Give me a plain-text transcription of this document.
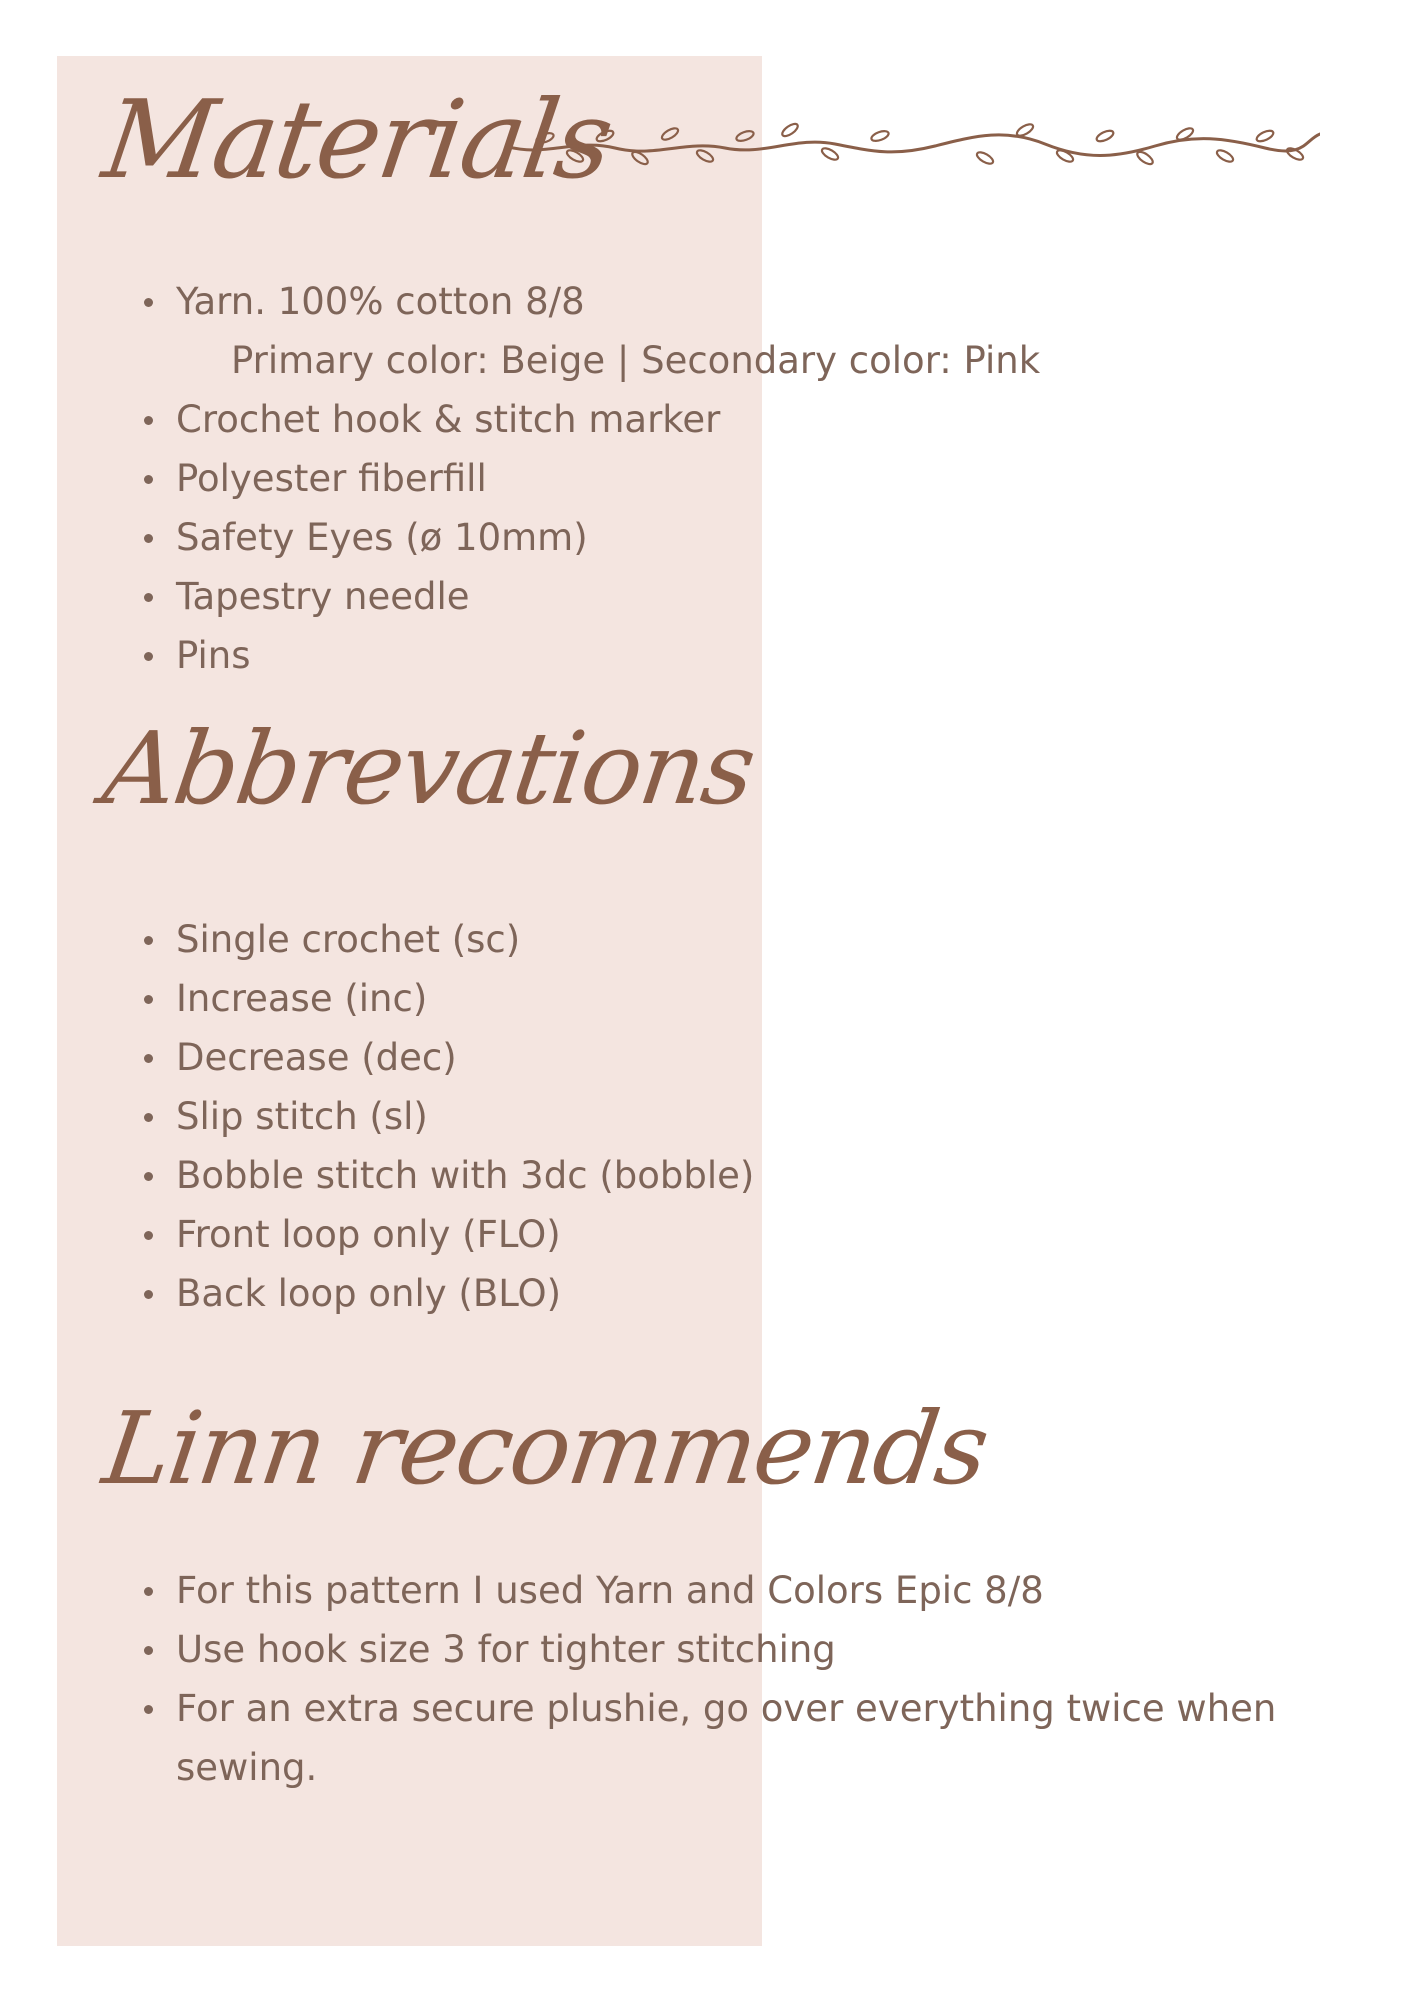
Materials
Yarn. 100% cotton 8/8
Primary color: Beige | Secondary color: Pink
Crochet hook & stitch marker
Polyester fiberfill
Safety Eyes (ø 10mm)
Tapestry needle
Pins
Abbrevations
Single crochet (sc)
Increase (inc)
Decrease (dec)
Slip stitch (sl)
Bobble stitch with 3dc (bobble)
Front loop only (FLO)
Back loop only (BLO)
Linn recommends
For this pattern I used Yarn and Colors Epic 8/8
Use hook size 3 for tighter stitching
For an extra secure plushie, go over everything twice when sewing.
